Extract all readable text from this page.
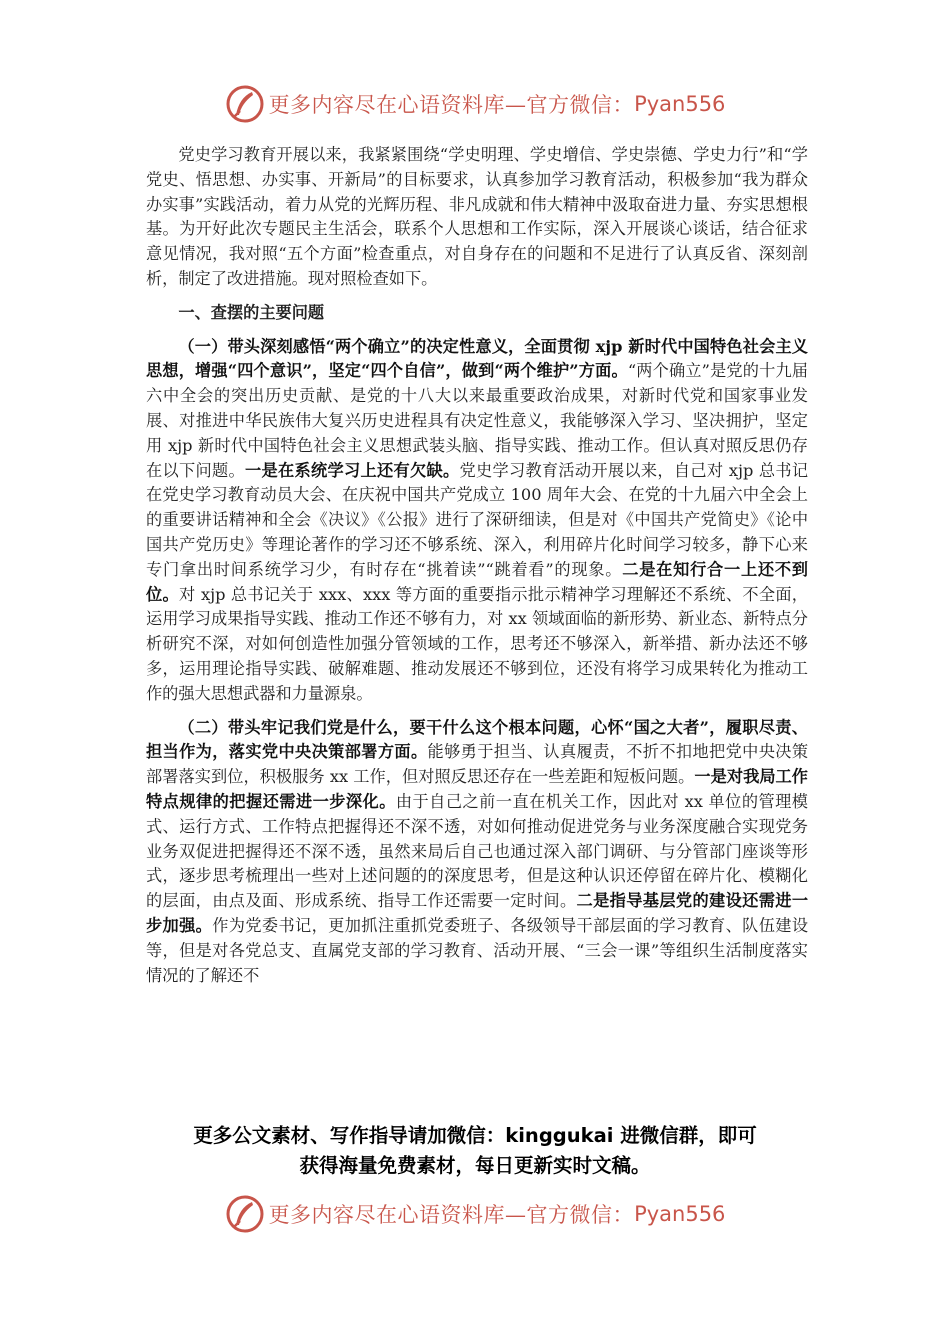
更多内容尽在心语资料库—官方微信： Pyan556

党史学习教育开展以来，我紧紧围绕“学史明理、学史增信、学史崇德、学史力行”和“学党史、悟思想、办实事、开新局”的目标要求，认真参加学习教育活动，积极参加“我为群众办实事”实践活动，着力从党的光辉历程、非凡成就和伟大精神中汲取奋进力量、夯实思想根基。为开好此次专题民主生活会，联系个人思想和工作实际，深入开展谈心谈话，结合征求意见情况，我对照“五个方面”检查重点，对自身存在的问题和不足进行了认真反省、深刻剖析，制定了改进措施。现对照检查如下。

一、查摆的主要问题

（一）带头深刻感悟“两个确立”的决定性意义，全面贯彻 xjp 新时代中国特色社会主义思想，增强“四个意识”，坚定“四个自信”，做到“两个维护”方面。“两个确立”是党的十九届六中全会的突出历史贡献、是党的十八大以来最重要政治成果，对新时代党和国家事业发展、对推进中华民族伟大复兴历史进程具有决定性意义，我能够深入学习、坚决拥护，坚定用 xjp 新时代中国特色社会主义思想武装头脑、指导实践、推动工作。但认真对照反思仍存在以下问题。一是在系统学习上还有欠缺。党史学习教育活动开展以来，自己对 xjp 总书记在党史学习教育动员大会、在庆祝中国共产党成立 100 周年大会、在党的十九届六中全会上的重要讲话精神和全会《决议》《公报》进行了深研细读，但是对《中国共产党简史》《论中国共产党历史》等理论著作的学习还不够系统、深入，利用碎片化时间学习较多，静下心来专门拿出时间系统学习少，有时存在“挑着读”“跳着看”的现象。二是在知行合一上还不到位。对 xjp 总书记关于 xxx、xxx 等方面的重要指示批示精神学习理解还不系统、不全面，运用学习成果指导实践、推动工作还不够有力，对 xx 领域面临的新形势、新业态、新特点分析研究不深，对如何创造性加强分管领域的工作，思考还不够深入，新举措、新办法还不够多，运用理论指导实践、破解难题、推动发展还不够到位，还没有将学习成果转化为推动工作的强大思想武器和力量源泉。

（二）带头牢记我们党是什么，要干什么这个根本问题，心怀“国之大者”，履职尽责、担当作为，落实党中央决策部署方面。能够勇于担当、认真履责，不折不扣地把党中央决策部署落实到位，积极服务 xx 工作，但对照反思还存在一些差距和短板问题。一是对我局工作特点规律的把握还需进一步深化。由于自己之前一直在机关工作，因此对 xx 单位的管理模式、运行方式、工作特点把握得还不深不透，对如何推动促进党务与业务深度融合实现党务业务双促进把握得还不深不透，虽然来局后自己也通过深入部门调研、与分管部门座谈等形式，逐步思考梳理出一些对上述问题的的深度思考，但是这种认识还停留在碎片化、模糊化的层面，由点及面、形成系统、指导工作还需要一定时间。二是指导基层党的建设还需进一步加强。作为党委书记，更加抓注重抓党委班子、各级领导干部层面的学习教育、队伍建设等，但是对各党总支、直属党支部的学习教育、活动开展、“三会一课”等组织生活制度落实情况的了解还不

更多公文素材、写作指导请加微信：kinggukai 进微信群，即可
获得海量免费素材，每日更新实时文稿。
更多内容尽在心语资料库—官方微信： Pyan556
